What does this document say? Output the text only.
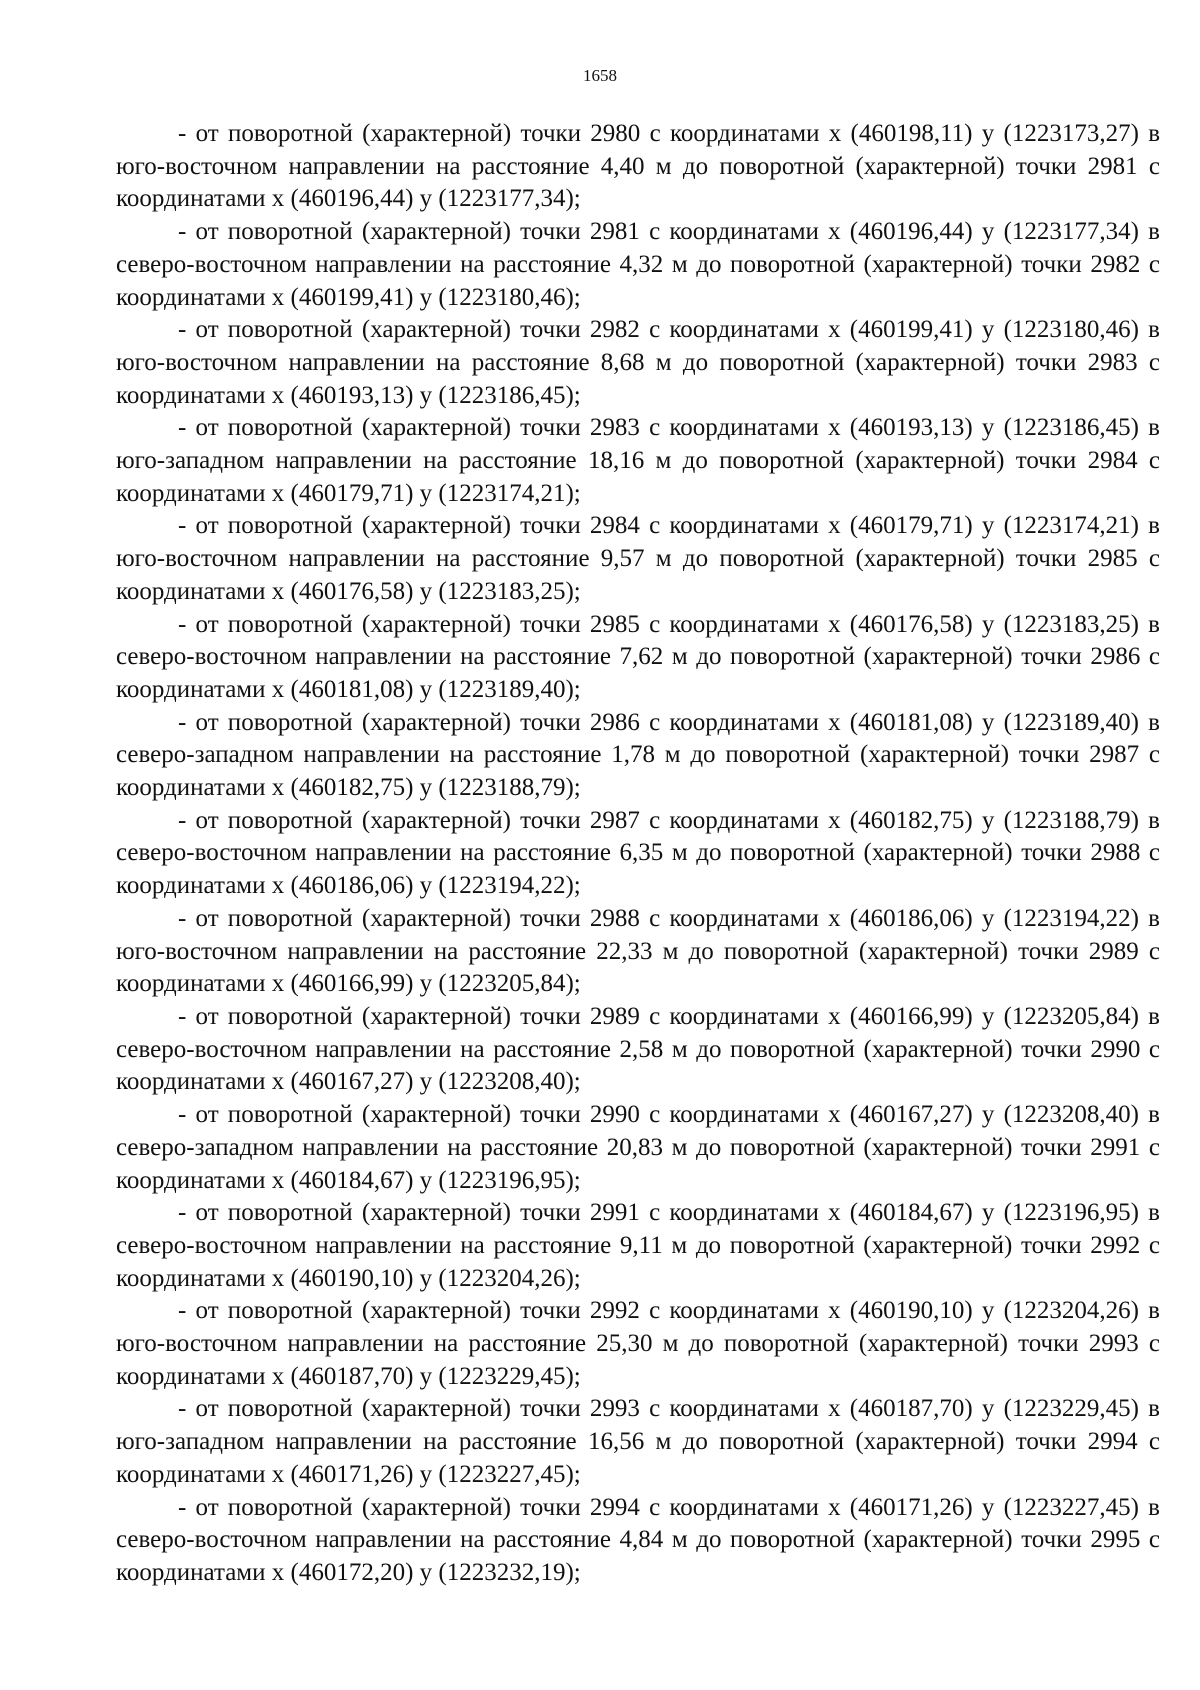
1658

- от поворотной (характерной) точки 2980 с координатами х (460198,11) у (1223173,27) в юго-восточном направлении на расстояние 4,40 м до поворотной (характерной) точки 2981 с координатами х (460196,44) у (1223177,34);

- от поворотной (характерной) точки 2981 с координатами х (460196,44) у (1223177,34) в северо-восточном направлении на расстояние 4,32 м до поворотной (характерной) точки 2982 с координатами х (460199,41) у (1223180,46);

- от поворотной (характерной) точки 2982 с координатами х (460199,41) у (1223180,46) в юго-восточном направлении на расстояние 8,68 м до поворотной (характерной) точки 2983 с координатами х (460193,13) у (1223186,45);

- от поворотной (характерной) точки 2983 с координатами х (460193,13) у (1223186,45) в юго-западном направлении на расстояние 18,16 м до поворотной (характерной) точки 2984 с координатами х (460179,71) у (1223174,21);

- от поворотной (характерной) точки 2984 с координатами х (460179,71) у (1223174,21) в юго-восточном направлении на расстояние 9,57 м до поворотной (характерной) точки 2985 с координатами х (460176,58) у (1223183,25);

- от поворотной (характерной) точки 2985 с координатами х (460176,58) у (1223183,25) в северо-восточном направлении на расстояние 7,62 м до поворотной (характерной) точки 2986 с координатами х (460181,08) у (1223189,40);

- от поворотной (характерной) точки 2986 с координатами х (460181,08) у (1223189,40) в северо-западном направлении на расстояние 1,78 м до поворотной (характерной) точки 2987 с координатами х (460182,75) у (1223188,79);

- от поворотной (характерной) точки 2987 с координатами х (460182,75) у (1223188,79) в северо-восточном направлении на расстояние 6,35 м до поворотной (характерной) точки 2988 с координатами х (460186,06) у (1223194,22);

- от поворотной (характерной) точки 2988 с координатами х (460186,06) у (1223194,22) в юго-восточном направлении на расстояние 22,33 м до поворотной (характерной) точки 2989 с координатами х (460166,99) у (1223205,84);

- от поворотной (характерной) точки 2989 с координатами х (460166,99) у (1223205,84) в северо-восточном направлении на расстояние 2,58 м до поворотной (характерной) точки 2990 с координатами х (460167,27) у (1223208,40);

- от поворотной (характерной) точки 2990 с координатами х (460167,27) у (1223208,40) в северо-западном направлении на расстояние 20,83 м до поворотной (характерной) точки 2991 с координатами х (460184,67) у (1223196,95);

- от поворотной (характерной) точки 2991 с координатами х (460184,67) у (1223196,95) в северо-восточном направлении на расстояние 9,11 м до поворотной (характерной) точки 2992 с координатами х (460190,10) у (1223204,26);

- от поворотной (характерной) точки 2992 с координатами х (460190,10) у (1223204,26) в юго-восточном направлении на расстояние 25,30 м до поворотной (характерной) точки 2993 с координатами х (460187,70) у (1223229,45);

- от поворотной (характерной) точки 2993 с координатами х (460187,70) у (1223229,45) в юго-западном направлении на расстояние 16,56 м до поворотной (характерной) точки 2994 с координатами х (460171,26) у (1223227,45);

- от поворотной (характерной) точки 2994 с координатами х (460171,26) у (1223227,45) в северо-восточном направлении на расстояние 4,84 м до поворотной (характерной) точки 2995 с координатами х (460172,20) у (1223232,19);
